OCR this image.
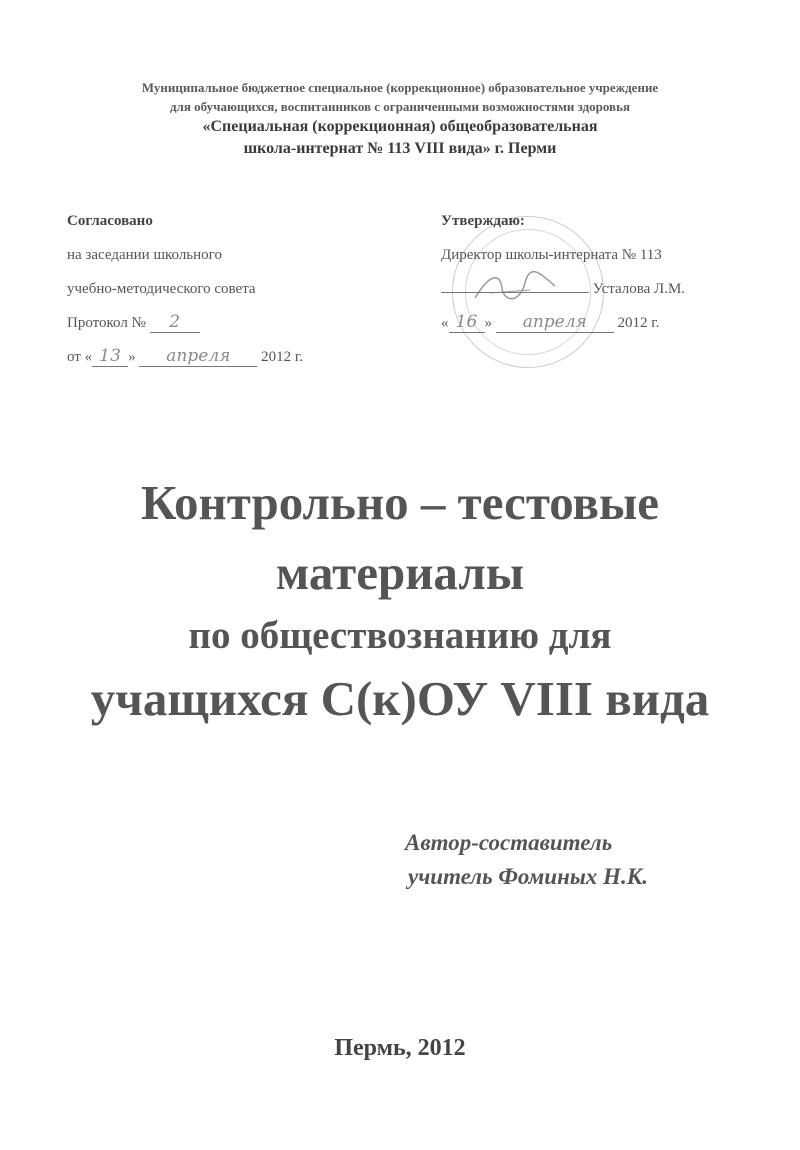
Муниципальное бюджетное специальное (коррекционное) образовательное учреждение
для обучающихся, воспитанников с ограниченными возможностями здоровья
«Специальная (коррекционная) общеобразовательная
школа-интернат № 113 VIII вида» г. Перми
Согласовано
на заседании школьного
учебно-методического совета
Протокол № 2
от « 13 » апреля 2012 г.
Утверждаю:
Директор школы-интерната № 113
Усталова Л.М.
« 16 » апреля 2012 г.
Контрольно – тестовые
материалы
по обществознанию для
учащихся С(к)ОУ VIII вида
Автор-составитель
учитель Фоминых Н.К.
Пермь, 2012
